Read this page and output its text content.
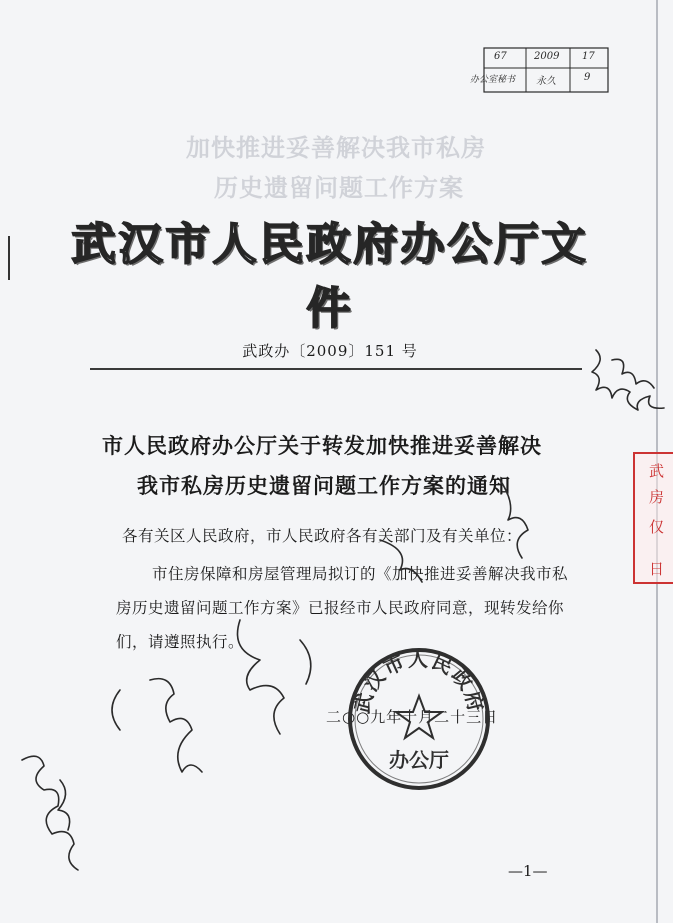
加快推进妥善解决我市私房
历史遗留问题工作方案
67	2009 17
办公室秘书 永久	9
武汉市人民政府办公厅文件
武政办〔2009〕151 号
市人民政府办公厅关于转发加快推进妥善解决
我市私房历史遗留问题工作方案的通知
各有关区人民政府，市人民政府各有关部门及有关单位：
市住房保障和房屋管理局拟订的《加快推进妥善解决我市私
房历史遗留问题工作方案》已报经市人民政府同意，现转发给你
们，请遵照执行。
二○○九年十月二十三日
武汉市人民政府
办公厅
武
房
仅
日
—1—
